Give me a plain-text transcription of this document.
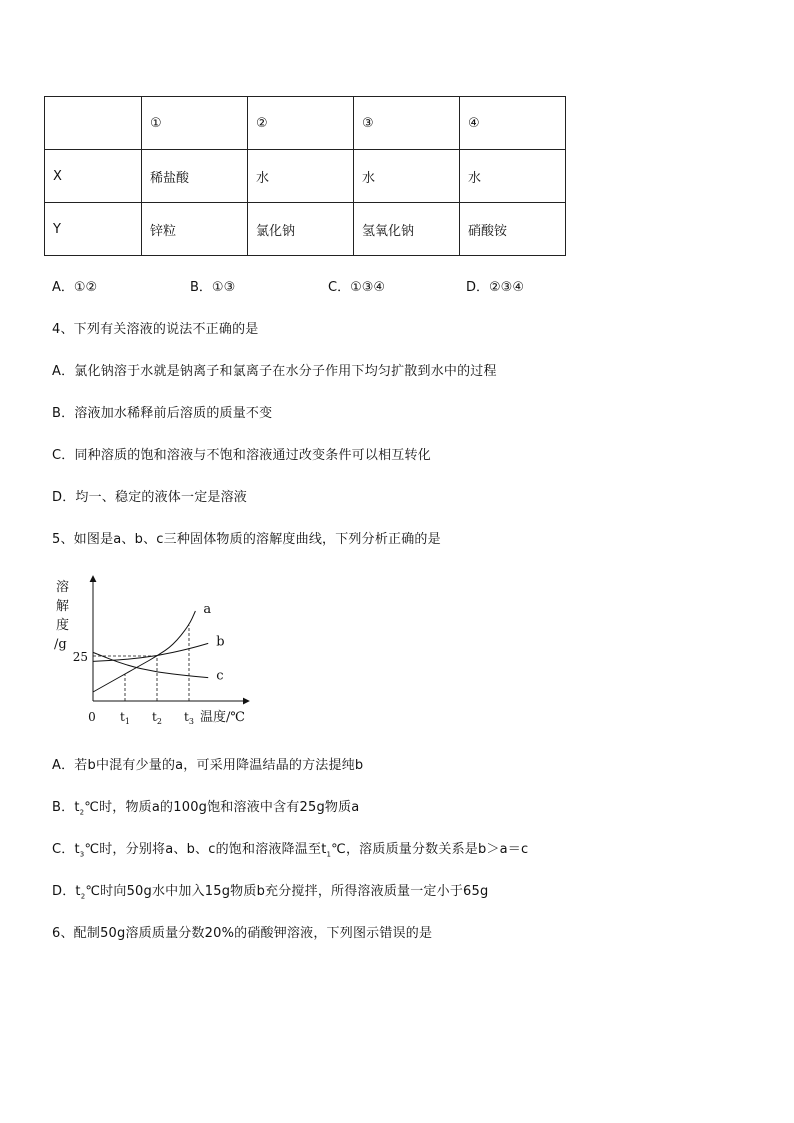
	①	②	③	④
X	稀盐酸	水	水	水
Y	锌粒	氯化钠	氢氧化钠	硝酸铵
A．①②	B．①③	C．①③④	D．②③④
4、下列有关溶液的说法不正确的是
A．氯化钠溶于水就是钠离子和氯离子在水分子作用下均匀扩散到水中的过程
B．溶液加水稀释前后溶质的质量不变
C．同种溶质的饱和溶液与不饱和溶液通过改变条件可以相互转化
D．均一、稳定的液体一定是溶液
5、如图是a、b、c三种固体物质的溶解度曲线，下列分析正确的是
a
b
c
溶
解
度
/g
25
0 $t_1$ $t_2$ $t_3$ 温度/℃
A．若b中混有少量的a，可采用降温结晶的方法提纯b
B．$t_2℃$时，物质a的100g饱和溶液中含有25g物质a
C．$t_3℃$时，分别将a、b、c的饱和溶液降温至$t_1℃$，溶质质量分数关系是b＞a＝c
D．$t_2℃$时向50g水中加入15g物质b充分搅拌，所得溶液质量一定小于65g
6、配制50g溶质质量分数20%的硝酸钾溶液，下列图示错误的是
